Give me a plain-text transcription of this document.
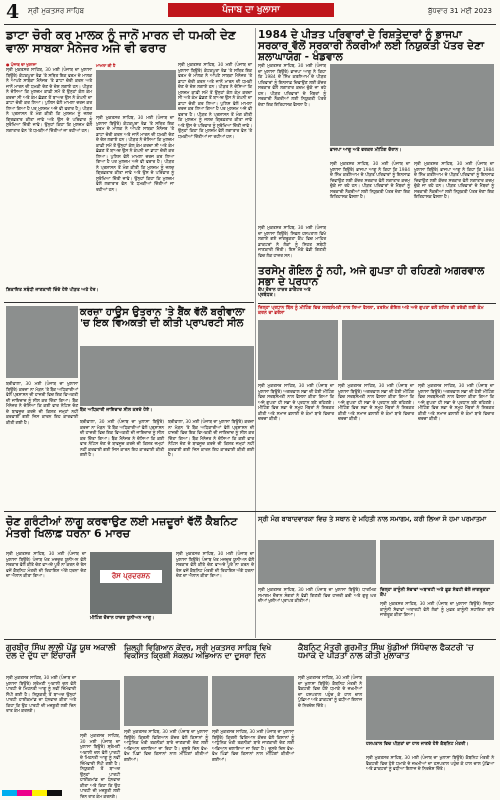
4 ਸ੍ਰੀ ਮੁਕਤਸਰ ਸਾਹਿਬ	ਪੰਜਾਬ ਦਾ ਖੁਲਾਸਾ	ਬੁੱਧਵਾਰ 31 ਮਈ 2023
ਡਾਟਾ ਚੋਰੀ ਕਰ ਮਾਲਕ ਨੂੰ ਜਾਨੋਂ ਮਾਰਨ ਦੀ ਧਮਕੀ ਦੇਣ ਵਾਲਾ ਸਾਬਕਾ ਮੈਨੇਜਰ ਅਜੇ ਵੀ ਫਰਾਰ
● ਪੰਜਾਬ ਦਾ ਖੁਲਾਸਾ
ਸ੍ਰੀ ਮੁਕਤਸਰ ਸਾਹਿਬ, 30 ਮਈ (ਪੰਜਾਬ ਦਾ ਖੁਲਾਸਾ ਬਿਊਰੋ) ਕੋਟਕਪੂਰਾ ਰੋਡ 'ਤੇ ਸਥਿਤ ਇਕ ਫਰਮ ਦੇ ਮਾਲਕ ਨੇ ਆਪਣੇ ਸਾਬਕਾ ਮੈਨੇਜਰ 'ਤੇ ਡਾਟਾ ਚੋਰੀ ਕਰਨ ਅਤੇ ਜਾਨੋਂ ਮਾਰਨ ਦੀ ਧਮਕੀ ਦੇਣ ਦੇ ਦੋਸ਼ ਲਗਾਏ ਹਨ। ਪੀੜਤ ਨੇ ਦੱਸਿਆ ਕਿ ਮੁਲਜ਼ਮ ਕਾਫ਼ੀ ਸਮੇਂ ਤੋਂ ਉਨ੍ਹਾਂ ਕੋਲ ਕੰਮ ਕਰਦਾ ਸੀ ਅਤੇ ਕੰਮ ਛੱਡਣ ਤੋਂ ਬਾਅਦ ਉਸ ਨੇ ਕੰਪਨੀ ਦਾ ਡਾਟਾ ਚੋਰੀ ਕਰ ਲਿਆ। ਪੁਲਿਸ ਵੱਲੋਂ ਮਾਮਲਾ ਦਰਜ ਕਰ ਲਿਆ ਗਿਆ ਹੈ ਪਰ ਮੁਲਜ਼ਮ ਅਜੇ ਵੀ ਫਰਾਰ ਹੈ। ਪੀੜਤ ਨੇ ਪ੍ਰਸ਼ਾਸਨ ਤੋਂ ਮੰਗ ਕੀਤੀ ਕਿ ਮੁਲਜ਼ਮ ਨੂੰ ਜਲਦ ਗ੍ਰਿਫ਼ਤਾਰ ਕੀਤਾ ਜਾਵੇ ਅਤੇ ਉਸ ਦੇ ਪਰਿਵਾਰ ਨੂੰ ਸੁਰੱਖਿਆ ਦਿੱਤੀ ਜਾਵੇ। ਉਨ੍ਹਾਂ ਕਿਹਾ ਕਿ ਮੁਲਜ਼ਮ ਵੱਲੋਂ ਲਗਾਤਾਰ ਫੋਨ 'ਤੇ ਧਮਕੀਆਂ ਦਿੱਤੀਆਂ ਜਾ ਰਹੀਆਂ ਹਨ।
ਮਾਮਲਾ ਕੀ ਹੈ
ਸ੍ਰੀ ਮੁਕਤਸਰ ਸਾਹਿਬ, 30 ਮਈ (ਪੰਜਾਬ ਦਾ ਖੁਲਾਸਾ ਬਿਊਰੋ) ਕੋਟਕਪੂਰਾ ਰੋਡ 'ਤੇ ਸਥਿਤ ਇਕ ਫਰਮ ਦੇ ਮਾਲਕ ਨੇ ਆਪਣੇ ਸਾਬਕਾ ਮੈਨੇਜਰ 'ਤੇ ਡਾਟਾ ਚੋਰੀ ਕਰਨ ਅਤੇ ਜਾਨੋਂ ਮਾਰਨ ਦੀ ਧਮਕੀ ਦੇਣ ਦੇ ਦੋਸ਼ ਲਗਾਏ ਹਨ। ਪੀੜਤ ਨੇ ਦੱਸਿਆ ਕਿ ਮੁਲਜ਼ਮ ਕਾਫ਼ੀ ਸਮੇਂ ਤੋਂ ਉਨ੍ਹਾਂ ਕੋਲ ਕੰਮ ਕਰਦਾ ਸੀ ਅਤੇ ਕੰਮ ਛੱਡਣ ਤੋਂ ਬਾਅਦ ਉਸ ਨੇ ਕੰਪਨੀ ਦਾ ਡਾਟਾ ਚੋਰੀ ਕਰ ਲਿਆ। ਪੁਲਿਸ ਵੱਲੋਂ ਮਾਮਲਾ ਦਰਜ ਕਰ ਲਿਆ ਗਿਆ ਹੈ ਪਰ ਮੁਲਜ਼ਮ ਅਜੇ ਵੀ ਫਰਾਰ ਹੈ। ਪੀੜਤ ਨੇ ਪ੍ਰਸ਼ਾਸਨ ਤੋਂ ਮੰਗ ਕੀਤੀ ਕਿ ਮੁਲਜ਼ਮ ਨੂੰ ਜਲਦ ਗ੍ਰਿਫ਼ਤਾਰ ਕੀਤਾ ਜਾਵੇ ਅਤੇ ਉਸ ਦੇ ਪਰਿਵਾਰ ਨੂੰ ਸੁਰੱਖਿਆ ਦਿੱਤੀ ਜਾਵੇ। ਉਨ੍ਹਾਂ ਕਿਹਾ ਕਿ ਮੁਲਜ਼ਮ ਵੱਲੋਂ ਲਗਾਤਾਰ ਫੋਨ 'ਤੇ ਧਮਕੀਆਂ ਦਿੱਤੀਆਂ ਜਾ ਰਹੀਆਂ ਹਨ।
ਸ੍ਰੀ ਮੁਕਤਸਰ ਸਾਹਿਬ, 30 ਮਈ (ਪੰਜਾਬ ਦਾ ਖੁਲਾਸਾ ਬਿਊਰੋ) ਕੋਟਕਪੂਰਾ ਰੋਡ 'ਤੇ ਸਥਿਤ ਇਕ ਫਰਮ ਦੇ ਮਾਲਕ ਨੇ ਆਪਣੇ ਸਾਬਕਾ ਮੈਨੇਜਰ 'ਤੇ ਡਾਟਾ ਚੋਰੀ ਕਰਨ ਅਤੇ ਜਾਨੋਂ ਮਾਰਨ ਦੀ ਧਮਕੀ ਦੇਣ ਦੇ ਦੋਸ਼ ਲਗਾਏ ਹਨ। ਪੀੜਤ ਨੇ ਦੱਸਿਆ ਕਿ ਮੁਲਜ਼ਮ ਕਾਫ਼ੀ ਸਮੇਂ ਤੋਂ ਉਨ੍ਹਾਂ ਕੋਲ ਕੰਮ ਕਰਦਾ ਸੀ ਅਤੇ ਕੰਮ ਛੱਡਣ ਤੋਂ ਬਾਅਦ ਉਸ ਨੇ ਕੰਪਨੀ ਦਾ ਡਾਟਾ ਚੋਰੀ ਕਰ ਲਿਆ। ਪੁਲਿਸ ਵੱਲੋਂ ਮਾਮਲਾ ਦਰਜ ਕਰ ਲਿਆ ਗਿਆ ਹੈ ਪਰ ਮੁਲਜ਼ਮ ਅਜੇ ਵੀ ਫਰਾਰ ਹੈ। ਪੀੜਤ ਨੇ ਪ੍ਰਸ਼ਾਸਨ ਤੋਂ ਮੰਗ ਕੀਤੀ ਕਿ ਮੁਲਜ਼ਮ ਨੂੰ ਜਲਦ ਗ੍ਰਿਫ਼ਤਾਰ ਕੀਤਾ ਜਾਵੇ ਅਤੇ ਉਸ ਦੇ ਪਰਿਵਾਰ ਨੂੰ ਸੁਰੱਖਿਆ ਦਿੱਤੀ ਜਾਵੇ। ਉਨ੍ਹਾਂ ਕਿਹਾ ਕਿ ਮੁਲਜ਼ਮ ਵੱਲੋਂ ਲਗਾਤਾਰ ਫੋਨ 'ਤੇ ਧਮਕੀਆਂ ਦਿੱਤੀਆਂ ਜਾ ਰਹੀਆਂ ਹਨ।
ਸ਼ਿਕਾਇਤ ਸਬੰਧੀ ਜਾਣਕਾਰੀ ਦਿੰਦੇ ਹੋਏ ਪੀੜਤ ਅਤੇ ਹੋਰ।
1984 ਦੇ ਪੀੜਤ ਪਰਿਵਾਰਾਂ ਦੇ ਰਿਸ਼ਤੇਦਾਰਾਂ ਨੂੰ ਭਾਜਪਾ ਸਰਕਾਰ ਵੱਲੋਂ ਸਰਕਾਰੀ ਨੌਕਰੀਆਂ ਲਈ ਨਿਯੁਕਤੀ ਪੱਤਰ ਦੇਣਾ ਸ਼ਲਾਘਾਯੋਗ - ਖੰਡਵਾਲ
ਸ੍ਰੀ ਮੁਕਤਸਰ ਸਾਹਿਬ, 30 ਮਈ (ਪੰਜਾਬ ਦਾ ਖੁਲਾਸਾ ਬਿਊਰੋ) ਭਾਜਪਾ ਆਗੂ ਨੇ ਕਿਹਾ ਕਿ 1984 ਦੇ ਸਿੱਖ ਕਤਲੇਆਮ ਦੇ ਪੀੜਤ ਪਰਿਵਾਰਾਂ ਨੂੰ ਇਨਸਾਫ਼ ਦਿਵਾਉਣ ਲਈ ਕੇਂਦਰ ਸਰਕਾਰ ਵੱਲੋਂ ਲਗਾਤਾਰ ਕਦਮ ਚੁੱਕੇ ਜਾ ਰਹੇ ਹਨ। ਪੀੜਤ ਪਰਿਵਾਰਾਂ ਦੇ ਮੈਂਬਰਾਂ ਨੂੰ ਸਰਕਾਰੀ ਨੌਕਰੀਆਂ ਲਈ ਨਿਯੁਕਤੀ ਪੱਤਰ ਦੇਣਾ ਇਕ ਇਤਿਹਾਸਕ ਫੈਸਲਾ ਹੈ।
ਭਾਜਪਾ ਆਗੂ ਅਤੇ ਵਰਕਰ ਮੀਟਿੰਗ ਦੌਰਾਨ।
ਸ੍ਰੀ ਮੁਕਤਸਰ ਸਾਹਿਬ, 30 ਮਈ (ਪੰਜਾਬ ਦਾ ਖੁਲਾਸਾ ਬਿਊਰੋ) ਭਾਜਪਾ ਆਗੂ ਨੇ ਕਿਹਾ ਕਿ 1984 ਦੇ ਸਿੱਖ ਕਤਲੇਆਮ ਦੇ ਪੀੜਤ ਪਰਿਵਾਰਾਂ ਨੂੰ ਇਨਸਾਫ਼ ਦਿਵਾਉਣ ਲਈ ਕੇਂਦਰ ਸਰਕਾਰ ਵੱਲੋਂ ਲਗਾਤਾਰ ਕਦਮ ਚੁੱਕੇ ਜਾ ਰਹੇ ਹਨ। ਪੀੜਤ ਪਰਿਵਾਰਾਂ ਦੇ ਮੈਂਬਰਾਂ ਨੂੰ ਸਰਕਾਰੀ ਨੌਕਰੀਆਂ ਲਈ ਨਿਯੁਕਤੀ ਪੱਤਰ ਦੇਣਾ ਇਕ ਇਤਿਹਾਸਕ ਫੈਸਲਾ ਹੈ।
ਸ੍ਰੀ ਮੁਕਤਸਰ ਸਾਹਿਬ, 30 ਮਈ (ਪੰਜਾਬ ਦਾ ਖੁਲਾਸਾ ਬਿਊਰੋ) ਭਾਜਪਾ ਆਗੂ ਨੇ ਕਿਹਾ ਕਿ 1984 ਦੇ ਸਿੱਖ ਕਤਲੇਆਮ ਦੇ ਪੀੜਤ ਪਰਿਵਾਰਾਂ ਨੂੰ ਇਨਸਾਫ਼ ਦਿਵਾਉਣ ਲਈ ਕੇਂਦਰ ਸਰਕਾਰ ਵੱਲੋਂ ਲਗਾਤਾਰ ਕਦਮ ਚੁੱਕੇ ਜਾ ਰਹੇ ਹਨ। ਪੀੜਤ ਪਰਿਵਾਰਾਂ ਦੇ ਮੈਂਬਰਾਂ ਨੂੰ ਸਰਕਾਰੀ ਨੌਕਰੀਆਂ ਲਈ ਨਿਯੁਕਤੀ ਪੱਤਰ ਦੇਣਾ ਇਕ ਇਤਿਹਾਸਕ ਫੈਸਲਾ ਹੈ।
ਸ੍ਰੀ ਮੁਕਤਸਰ ਸਾਹਿਬ, 30 ਮਈ (ਪੰਜਾਬ ਦਾ ਖੁਲਾਸਾ ਬਿਊਰੋ) ਸਿਵਲ ਹਸਪਤਾਲ ਵਿਖੇ ਲਗਾਏ ਗਏ ਜਾਗਰੂਕਤਾ ਕੈਂਪ ਵਿਚ ਮਾਹਿਰ ਡਾਕਟਰਾਂ ਨੇ ਲੋਕਾਂ ਨੂੰ ਸਿਹਤ ਸਬੰਧੀ ਜਾਣਕਾਰੀ ਦਿੱਤੀ। ਇਸ ਮੌਕੇ ਵੱਡੀ ਗਿਣਤੀ ਵਿਚ ਲੋਕ ਹਾਜ਼ਰ ਸਨ।
ਕੈਂਪ ਦੌਰਾਨ ਹਾਜ਼ਰ ਡਾਕਟਰ ਅਤੇ ਪ੍ਰਬੰਧਕ।
ਕਰਜ਼ਾ ਹਾਊਸ ਉਤਰਾਨ 'ਤੇ ਬੈਂਕ ਵੱਲੋਂ ਬਰੀਵਾਲਾ 'ਚ ਇਕ ਵਿਅਕਤੀ ਦੀ ਕੀਤੀ ਪ੍ਰਾਪਰਟੀ ਸੀਲ
ਬੈਂਕ ਅਧਿਕਾਰੀ ਜਾਇਦਾਦ ਸੀਲ ਕਰਦੇ ਹੋਏ।
ਬਰੀਵਾਲਾ, 30 ਮਈ (ਪੰਜਾਬ ਦਾ ਖੁਲਾਸਾ ਬਿਊਰੋ) ਕਰਜ਼ਾ ਨਾ ਮੋੜਨ 'ਤੇ ਬੈਂਕ ਅਧਿਕਾਰੀਆਂ ਵੱਲੋਂ ਪ੍ਰਸ਼ਾਸਨ ਦੀ ਹਾਜ਼ਰੀ ਵਿਚ ਇਕ ਵਿਅਕਤੀ ਦੀ ਜਾਇਦਾਦ ਨੂੰ ਸੀਲ ਕਰ ਦਿੱਤਾ ਗਿਆ। ਬੈਂਕ ਮੈਨੇਜਰ ਨੇ ਦੱਸਿਆ ਕਿ ਕਈ ਵਾਰ ਨੋਟਿਸ ਦੇਣ ਦੇ ਬਾਵਜੂਦ ਕਰਜ਼ੇ ਦੀ ਕਿਸ਼ਤ ਜਮ੍ਹਾਂ ਨਹੀਂ ਕਰਵਾਈ ਗਈ ਜਿਸ ਕਾਰਨ ਇਹ ਕਾਰਵਾਈ ਕੀਤੀ ਗਈ ਹੈ।	ਬਰੀਵਾਲਾ, 30 ਮਈ (ਪੰਜਾਬ ਦਾ ਖੁਲਾਸਾ ਬਿਊਰੋ) ਕਰਜ਼ਾ ਨਾ ਮੋੜਨ 'ਤੇ ਬੈਂਕ ਅਧਿਕਾਰੀਆਂ ਵੱਲੋਂ ਪ੍ਰਸ਼ਾਸਨ ਦੀ ਹਾਜ਼ਰੀ ਵਿਚ ਇਕ ਵਿਅਕਤੀ ਦੀ ਜਾਇਦਾਦ ਨੂੰ ਸੀਲ ਕਰ ਦਿੱਤਾ ਗਿਆ। ਬੈਂਕ ਮੈਨੇਜਰ ਨੇ ਦੱਸਿਆ ਕਿ ਕਈ ਵਾਰ ਨੋਟਿਸ ਦੇਣ ਦੇ ਬਾਵਜੂਦ ਕਰਜ਼ੇ ਦੀ ਕਿਸ਼ਤ ਜਮ੍ਹਾਂ ਨਹੀਂ ਕਰਵਾਈ ਗਈ ਜਿਸ ਕਾਰਨ ਇਹ ਕਾਰਵਾਈ ਕੀਤੀ ਗਈ ਹੈ।
ਬਰੀਵਾਲਾ, 30 ਮਈ (ਪੰਜਾਬ ਦਾ ਖੁਲਾਸਾ ਬਿਊਰੋ) ਕਰਜ਼ਾ ਨਾ ਮੋੜਨ 'ਤੇ ਬੈਂਕ ਅਧਿਕਾਰੀਆਂ ਵੱਲੋਂ ਪ੍ਰਸ਼ਾਸਨ ਦੀ ਹਾਜ਼ਰੀ ਵਿਚ ਇਕ ਵਿਅਕਤੀ ਦੀ ਜਾਇਦਾਦ ਨੂੰ ਸੀਲ ਕਰ ਦਿੱਤਾ ਗਿਆ। ਬੈਂਕ ਮੈਨੇਜਰ ਨੇ ਦੱਸਿਆ ਕਿ ਕਈ ਵਾਰ ਨੋਟਿਸ ਦੇਣ ਦੇ ਬਾਵਜੂਦ ਕਰਜ਼ੇ ਦੀ ਕਿਸ਼ਤ ਜਮ੍ਹਾਂ ਨਹੀਂ ਕਰਵਾਈ ਗਈ ਜਿਸ ਕਾਰਨ ਇਹ ਕਾਰਵਾਈ ਕੀਤੀ ਗਈ ਹੈ।
ਤਰਸੇਮ ਗੋਇਲ ਨੂੰ ਨਹੀ, ਅਜੇ ਗੁਪਤਾ ਹੀ ਰਹਿਣਗੇ ਅਗਰਵਾਲ ਸਭਾ ਦੇ ਪ੍ਰਧਾਨ
ਜਿਲ੍ਹਾ ਪ੍ਰਧਾਨ ਬਿੱਲ ਨੂੰ ਮੀਟਿੰਗ ਵਿਚ ਸਰਬਸੰਮਤੀ ਨਾਲ ਲਿਆ ਫੈਸਲਾ, ਤਰਸੇਮ ਗੋਇਲ ਅਤੇ ਅਜੇ ਗੁਪਤਾ ਵਲੋਂ ਸ਼ਹਿਰ ਦੀ ਤਰੱਕੀ ਲਈ ਕੰਮ ਕਰਨ ਦਾ ਭਰੋਸਾ
ਸ੍ਰੀ ਮੁਕਤਸਰ ਸਾਹਿਬ, 30 ਮਈ (ਪੰਜਾਬ ਦਾ ਖੁਲਾਸਾ ਬਿਊਰੋ) ਅਗਰਵਾਲ ਸਭਾ ਦੀ ਹੋਈ ਮੀਟਿੰਗ ਵਿਚ ਸਰਬਸੰਮਤੀ ਨਾਲ ਫੈਸਲਾ ਕੀਤਾ ਗਿਆ ਕਿ ਅਜੇ ਗੁਪਤਾ ਹੀ ਸਭਾ ਦੇ ਪ੍ਰਧਾਨ ਬਣੇ ਰਹਿਣਗੇ। ਮੀਟਿੰਗ ਵਿਚ ਸਭਾ ਦੇ ਸਮੂਹ ਮੈਂਬਰਾਂ ਨੇ ਸ਼ਿਰਕਤ ਕੀਤੀ ਅਤੇ ਸਮਾਜ ਭਲਾਈ ਦੇ ਕੰਮਾਂ ਬਾਰੇ ਵਿਚਾਰ ਚਰਚਾ ਕੀਤੀ।
ਸ੍ਰੀ ਮੁਕਤਸਰ ਸਾਹਿਬ, 30 ਮਈ (ਪੰਜਾਬ ਦਾ ਖੁਲਾਸਾ ਬਿਊਰੋ) ਅਗਰਵਾਲ ਸਭਾ ਦੀ ਹੋਈ ਮੀਟਿੰਗ ਵਿਚ ਸਰਬਸੰਮਤੀ ਨਾਲ ਫੈਸਲਾ ਕੀਤਾ ਗਿਆ ਕਿ ਅਜੇ ਗੁਪਤਾ ਹੀ ਸਭਾ ਦੇ ਪ੍ਰਧਾਨ ਬਣੇ ਰਹਿਣਗੇ। ਮੀਟਿੰਗ ਵਿਚ ਸਭਾ ਦੇ ਸਮੂਹ ਮੈਂਬਰਾਂ ਨੇ ਸ਼ਿਰਕਤ ਕੀਤੀ ਅਤੇ ਸਮਾਜ ਭਲਾਈ ਦੇ ਕੰਮਾਂ ਬਾਰੇ ਵਿਚਾਰ ਚਰਚਾ ਕੀਤੀ।
ਸ੍ਰੀ ਮੁਕਤਸਰ ਸਾਹਿਬ, 30 ਮਈ (ਪੰਜਾਬ ਦਾ ਖੁਲਾਸਾ ਬਿਊਰੋ) ਅਗਰਵਾਲ ਸਭਾ ਦੀ ਹੋਈ ਮੀਟਿੰਗ ਵਿਚ ਸਰਬਸੰਮਤੀ ਨਾਲ ਫੈਸਲਾ ਕੀਤਾ ਗਿਆ ਕਿ ਅਜੇ ਗੁਪਤਾ ਹੀ ਸਭਾ ਦੇ ਪ੍ਰਧਾਨ ਬਣੇ ਰਹਿਣਗੇ। ਮੀਟਿੰਗ ਵਿਚ ਸਭਾ ਦੇ ਸਮੂਹ ਮੈਂਬਰਾਂ ਨੇ ਸ਼ਿਰਕਤ ਕੀਤੀ ਅਤੇ ਸਮਾਜ ਭਲਾਈ ਦੇ ਕੰਮਾਂ ਬਾਰੇ ਵਿਚਾਰ ਚਰਚਾ ਕੀਤੀ।
ਚੋਣ ਗਰੰਟੀਆਂ ਲਾਗੂ ਕਰਵਾਉਣ ਲਈ ਮਜ਼ਦੂਰਾਂ ਵੱਲੋਂ ਕੈਬਨਿਟ ਮੰਤਰੀ ਖਿਲਾਫ਼ ਧਰਨਾ 6 ਮਾਰਚ
ਸ੍ਰੀ ਮੁਕਤਸਰ ਸਾਹਿਬ, 30 ਮਈ (ਪੰਜਾਬ ਦਾ ਖੁਲਾਸਾ ਬਿਊਰੋ) ਪੰਜਾਬ ਖੇਤ ਮਜ਼ਦੂਰ ਯੂਨੀਅਨ ਵੱਲੋਂ ਸਰਕਾਰ ਵੱਲੋਂ ਕੀਤੇ ਚੋਣ ਵਾਅਦੇ ਪੂਰੇ ਨਾ ਕਰਨ ਦੇ ਰੋਸ ਵਜੋਂ ਕੈਬਨਿਟ ਮੰਤਰੀ ਦੀ ਰਿਹਾਇਸ਼ ਅੱਗੇ ਧਰਨਾ ਦੇਣ ਦਾ ਐਲਾਨ ਕੀਤਾ ਗਿਆ।	ਰੋਸ ਪ੍ਰਦਰਸ਼ਨ
ਮੀਟਿੰਗ ਦੌਰਾਨ ਹਾਜ਼ਰ ਯੂਨੀਅਨ ਆਗੂ।
ਸ੍ਰੀ ਮੁਕਤਸਰ ਸਾਹਿਬ, 30 ਮਈ (ਪੰਜਾਬ ਦਾ ਖੁਲਾਸਾ ਬਿਊਰੋ) ਪੰਜਾਬ ਖੇਤ ਮਜ਼ਦੂਰ ਯੂਨੀਅਨ ਵੱਲੋਂ ਸਰਕਾਰ ਵੱਲੋਂ ਕੀਤੇ ਚੋਣ ਵਾਅਦੇ ਪੂਰੇ ਨਾ ਕਰਨ ਦੇ ਰੋਸ ਵਜੋਂ ਕੈਬਨਿਟ ਮੰਤਰੀ ਦੀ ਰਿਹਾਇਸ਼ ਅੱਗੇ ਧਰਨਾ ਦੇਣ ਦਾ ਐਲਾਨ ਕੀਤਾ ਗਿਆ।
ਸ੍ਰੀ ਮੰਗ ਬਾਬਾਦਵਾਰਕਾ ਵਿਚ ਤੇ ਸਥਾਨ ਦੇ ਮਹਿਤੀ ਨਾਲ ਸਮਾਗਮ, ਕਰੀ ਲਿਆ ਸੋ ਹਮਾ ਪਰਮਾਤਮਾ
ਸ੍ਰੀ ਮੁਕਤਸਰ ਸਾਹਿਬ, 30 ਮਈ (ਪੰਜਾਬ ਦਾ ਖੁਲਾਸਾ ਬਿਊਰੋ) ਧਾਰਮਿਕ ਸਮਾਗਮ ਦੌਰਾਨ ਸੰਗਤਾਂ ਨੇ ਵੱਡੀ ਗਿਣਤੀ ਵਿਚ ਹਾਜ਼ਰੀ ਭਰੀ ਅਤੇ ਗੁਰੂ ਘਰ ਦੀਆਂ ਖੁਸ਼ੀਆਂ ਪ੍ਰਾਪਤ ਕੀਤੀਆਂ।
ਜ਼ਿਲ੍ਹਾ ਕਾਨੂੰਨੀ ਸੇਵਾਵਾਂ ਅਥਾਰਟੀ ਅਤੇ ਫ਼ੂਡ ਸੇਫਟੀ ਵੱਲੋਂ ਜਾਗਰੂਕਤਾ ਕੈਂਪ
ਸ੍ਰੀ ਮੁਕਤਸਰ ਸਾਹਿਬ, 30 ਮਈ (ਪੰਜਾਬ ਦਾ ਖੁਲਾਸਾ ਬਿਊਰੋ) ਜ਼ਿਲ੍ਹਾ ਕਾਨੂੰਨੀ ਸੇਵਾਵਾਂ ਅਥਾਰਟੀ ਵੱਲੋਂ ਲੋਕਾਂ ਨੂੰ ਮੁਫ਼ਤ ਕਾਨੂੰਨੀ ਸਹਾਇਤਾ ਬਾਰੇ ਜਾਗਰੂਕ ਕੀਤਾ ਗਿਆ।
ਗੁਰਬੀਰ ਸਿੰਘ ਲਾਲੀ ਪੇਂਡੂ ਯੂਥ ਅਕਾਲੀ ਦਲ ਦੇ ਦੁੱਧ ਦਾ ਇੰਚਾਰਜ
ਸ੍ਰੀ ਮੁਕਤਸਰ ਸਾਹਿਬ, 30 ਮਈ (ਪੰਜਾਬ ਦਾ ਖੁਲਾਸਾ ਬਿਊਰੋ) ਸ਼੍ਰੋਮਣੀ ਅਕਾਲੀ ਦਲ ਵੱਲੋਂ ਪਾਰਟੀ ਦੇ ਮਿਹਨਤੀ ਆਗੂ ਨੂੰ ਨਵੀਂ ਜ਼ਿੰਮੇਵਾਰੀ ਸੌਂਪੀ ਗਈ ਹੈ। ਨਿਯੁਕਤੀ ਤੋਂ ਬਾਅਦ ਉਨ੍ਹਾਂ ਪਾਰਟੀ ਹਾਈਕਮਾਂਡ ਦਾ ਧੰਨਵਾਦ ਕੀਤਾ ਅਤੇ ਕਿਹਾ ਕਿ ਉਹ ਪਾਰਟੀ ਦੀ ਮਜ਼ਬੂਤੀ ਲਈ ਦਿਨ ਰਾਤ ਕੰਮ ਕਰਨਗੇ।
ਸ੍ਰੀ ਮੁਕਤਸਰ ਸਾਹਿਬ, 30 ਮਈ (ਪੰਜਾਬ ਦਾ ਖੁਲਾਸਾ ਬਿਊਰੋ) ਸ਼੍ਰੋਮਣੀ ਅਕਾਲੀ ਦਲ ਵੱਲੋਂ ਪਾਰਟੀ ਦੇ ਮਿਹਨਤੀ ਆਗੂ ਨੂੰ ਨਵੀਂ ਜ਼ਿੰਮੇਵਾਰੀ ਸੌਂਪੀ ਗਈ ਹੈ। ਨਿਯੁਕਤੀ ਤੋਂ ਬਾਅਦ ਉਨ੍ਹਾਂ ਪਾਰਟੀ ਹਾਈਕਮਾਂਡ ਦਾ ਧੰਨਵਾਦ ਕੀਤਾ ਅਤੇ ਕਿਹਾ ਕਿ ਉਹ ਪਾਰਟੀ ਦੀ ਮਜ਼ਬੂਤੀ ਲਈ ਦਿਨ ਰਾਤ ਕੰਮ ਕਰਨਗੇ।
ਜ਼ਿਲ੍ਹੀ ਵਿਗਿਆਨ ਕੇਂਦਰ, ਸ੍ਰੀ ਮੁਕਤਸਰ ਸਾਹਿਬ ਵਿਖੇ ਵਿਕਸਿਤ ਕ੍ਰਿਸ਼ੀ ਸੰਕਲਪ ਅਭਿਆਨ ਦਾ ਦੂਸਰਾ ਦਿਨ
ਸ੍ਰੀ ਮੁਕਤਸਰ ਸਾਹਿਬ, 30 ਮਈ (ਪੰਜਾਬ ਦਾ ਖੁਲਾਸਾ ਬਿਊਰੋ) ਕ੍ਰਿਸ਼ੀ ਵਿਗਿਆਨ ਕੇਂਦਰ ਵੱਲੋਂ ਕਿਸਾਨਾਂ ਨੂੰ ਆਧੁਨਿਕ ਖੇਤੀ ਤਕਨੀਕਾਂ ਬਾਰੇ ਜਾਣਕਾਰੀ ਦੇਣ ਲਈ ਅਭਿਆਨ ਚਲਾਇਆ ਜਾ ਰਿਹਾ ਹੈ। ਦੂਸਰੇ ਦਿਨ ਵੱਖ-ਵੱਖ ਪਿੰਡਾਂ ਵਿਚ ਕਿਸਾਨਾਂ ਨਾਲ ਮੀਟਿੰਗਾਂ ਕੀਤੀਆਂ ਗਈਆਂ।
ਸ੍ਰੀ ਮੁਕਤਸਰ ਸਾਹਿਬ, 30 ਮਈ (ਪੰਜਾਬ ਦਾ ਖੁਲਾਸਾ ਬਿਊਰੋ) ਕ੍ਰਿਸ਼ੀ ਵਿਗਿਆਨ ਕੇਂਦਰ ਵੱਲੋਂ ਕਿਸਾਨਾਂ ਨੂੰ ਆਧੁਨਿਕ ਖੇਤੀ ਤਕਨੀਕਾਂ ਬਾਰੇ ਜਾਣਕਾਰੀ ਦੇਣ ਲਈ ਅਭਿਆਨ ਚਲਾਇਆ ਜਾ ਰਿਹਾ ਹੈ। ਦੂਸਰੇ ਦਿਨ ਵੱਖ-ਵੱਖ ਪਿੰਡਾਂ ਵਿਚ ਕਿਸਾਨਾਂ ਨਾਲ ਮੀਟਿੰਗਾਂ ਕੀਤੀਆਂ ਗਈਆਂ।
ਕੈਬਨਿਟ ਮੰਤਰੀ ਗੁਰਮੀਤ ਸਿੰਘ ਖੁੱਡੀਆਂ ਸਿੱਧੋਵਾਲ ਫੈਕਟਰੀ 'ਚ ਧਮਾਕੇ ਦੇ ਪੀੜਤਾਂ ਨਾਲ ਕੀਤੀ ਮੁਲਾਕਾਤ
ਸ੍ਰੀ ਮੁਕਤਸਰ ਸਾਹਿਬ, 30 ਮਈ (ਪੰਜਾਬ ਦਾ ਖੁਲਾਸਾ ਬਿਊਰੋ) ਕੈਬਨਿਟ ਮੰਤਰੀ ਨੇ ਫੈਕਟਰੀ ਵਿਚ ਹੋਏ ਧਮਾਕੇ ਦੇ ਜ਼ਖਮੀਆਂ ਦਾ ਹਸਪਤਾਲ ਪਹੁੰਚ ਕੇ ਹਾਲ ਚਾਲ ਪੁੱਛਿਆ ਅਤੇ ਡਾਕਟਰਾਂ ਨੂੰ ਵਧੀਆ ਇਲਾਜ ਦੇ ਨਿਰਦੇਸ਼ ਦਿੱਤੇ।
ਹਸਪਤਾਲ ਵਿਚ ਪੀੜਤਾਂ ਦਾ ਹਾਲ ਜਾਣਦੇ ਹੋਏ ਕੈਬਨਿਟ ਮੰਤਰੀ।
ਸ੍ਰੀ ਮੁਕਤਸਰ ਸਾਹਿਬ, 30 ਮਈ (ਪੰਜਾਬ ਦਾ ਖੁਲਾਸਾ ਬਿਊਰੋ) ਕੈਬਨਿਟ ਮੰਤਰੀ ਨੇ ਫੈਕਟਰੀ ਵਿਚ ਹੋਏ ਧਮਾਕੇ ਦੇ ਜ਼ਖਮੀਆਂ ਦਾ ਹਸਪਤਾਲ ਪਹੁੰਚ ਕੇ ਹਾਲ ਚਾਲ ਪੁੱਛਿਆ ਅਤੇ ਡਾਕਟਰਾਂ ਨੂੰ ਵਧੀਆ ਇਲਾਜ ਦੇ ਨਿਰਦੇਸ਼ ਦਿੱਤੇ।
